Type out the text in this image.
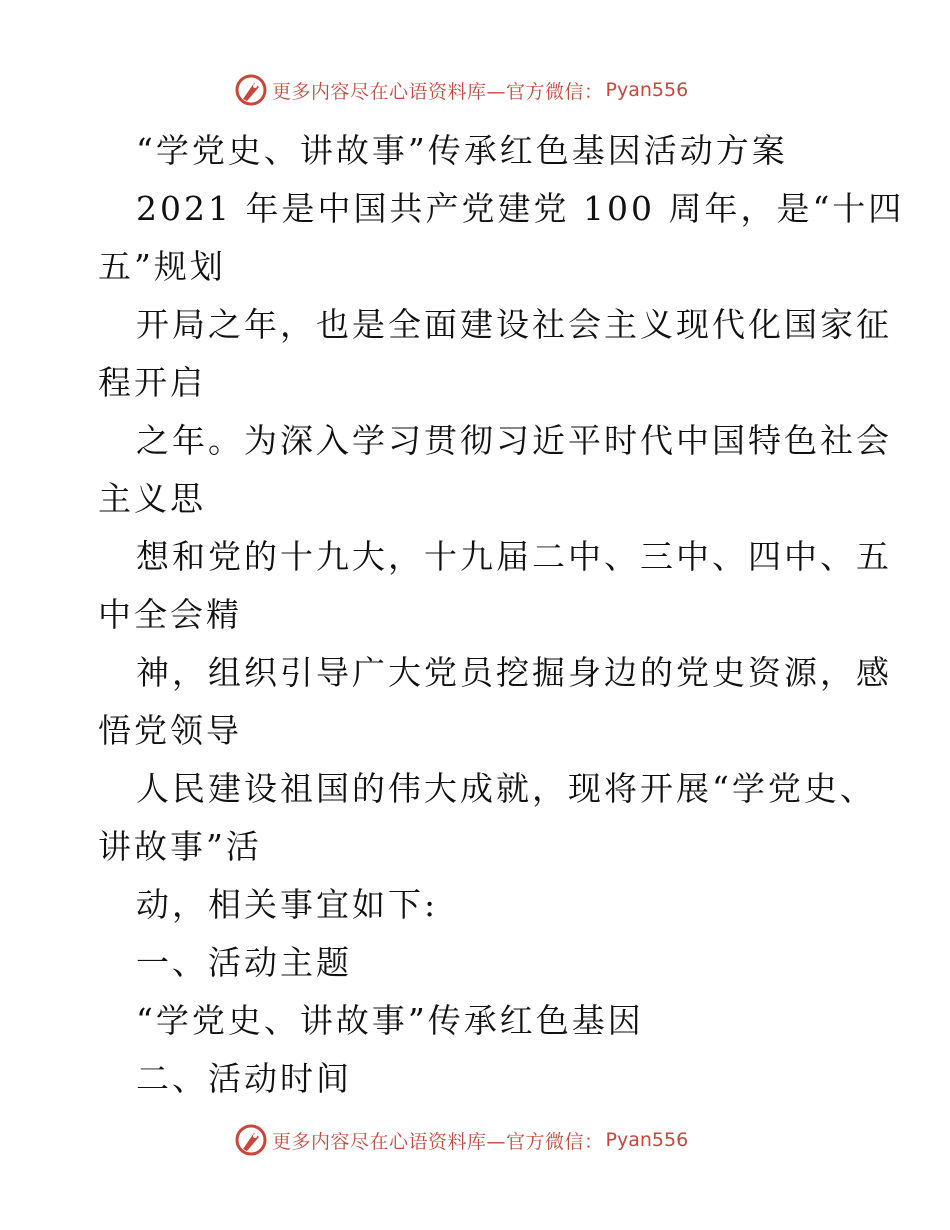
更多内容尽在心语资料库—官方微信： Pyan556
“学党史、讲故事”传承红色基因活动方案
2021 年是中国共产党建党 100 周年，是“十四
五”规划
开局之年，也是全面建设社会主义现代化国家征
程开启
之年。为深入学习贯彻习近平时代中国特色社会
主义思
想和党的十九大，十九届二中、三中、四中、五
中全会精
神，组织引导广大党员挖掘身边的党史资源，感
悟党领导
人民建设祖国的伟大成就，现将开展“学党史、
讲故事”活
动，相关事宜如下:
一、活动主题
“学党史、讲故事”传承红色基因
二、活动时间
更多内容尽在心语资料库—官方微信： Pyan556
